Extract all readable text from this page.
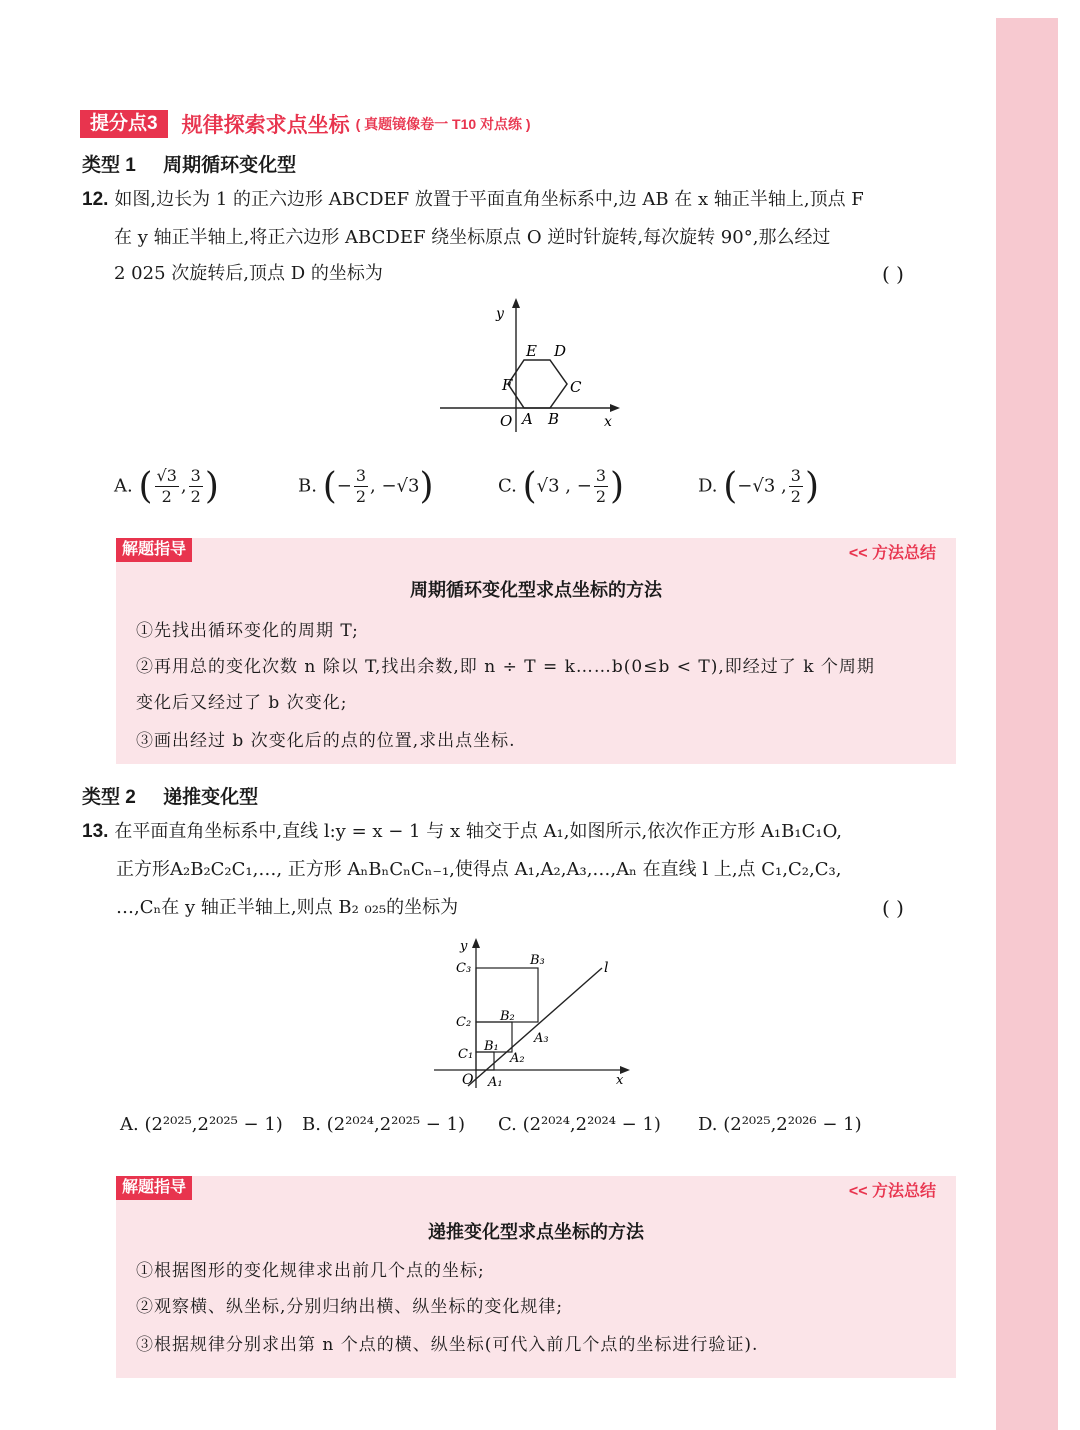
提分点3	规律探索求点坐标 ( 真题镜像卷一 T10 对点练 )
类型 1 周期循环变化型
12. 如图,边长为 1 的正六边形 ABCDEF 放置于平面直角坐标系中,边 AB 在 x 轴正半轴上,顶点 F
在 y 轴正半轴上,将正六边形 ABCDEF 绕坐标原点 O 逆时针旋转,每次旋转 90°,那么经过
2 025 次旋转后,顶点 D 的坐标为	( )
y
x
O A B
C
D
E
F
A. ( $\frac{√3}{2}$ , $\frac{3}{2}$ )	B. (− $\frac{3}{2}$ , −√3)	C. (√3 , − $\frac{3}{2}$ )	D. (−√3 , $\frac{3}{2}$ )
解题指导	<< 方法总结
周期循环变化型求点坐标的方法
①先找出循环变化的周期 T;
②再用总的变化次数 n 除以 T,找出余数,即 n ÷ T = k……b(0≤b < T),即经过了 k 个周期
变化后又经过了 b 次变化;
③画出经过 b 次变化后的点的位置,求出点坐标.
类型 2 递推变化型
13. 在平面直角坐标系中,直线 l:y = x − 1 与 x 轴交于点 A₁,如图所示,依次作正方形 A₁B₁C₁O,
正方形A₂B₂C₂C₁,…, 正方形 AₙBₙCₙCₙ₋₁,使得点 A₁,A₂,A₃,…,Aₙ 在直线 l 上,点 C₁,C₂,C₃,
…,Cₙ在 y 轴正半轴上,则点 B₂ ₀₂₅的坐标为	( )
y
x
O
l
A₁
A₂
A₃
B₁
B₂
B₃
C₁
C₂
C₃
A. (2²⁰²⁵,2²⁰²⁵ − 1) B. (2²⁰²⁴,2²⁰²⁵ − 1) C. (2²⁰²⁴,2²⁰²⁴ − 1) D. (2²⁰²⁵,2²⁰²⁶ − 1)
解题指导	<< 方法总结
递推变化型求点坐标的方法
①根据图形的变化规律求出前几个点的坐标;
②观察横、纵坐标,分别归纳出横、纵坐标的变化规律;
③根据规律分别求出第 n 个点的横、纵坐标(可代入前几个点的坐标进行验证).
